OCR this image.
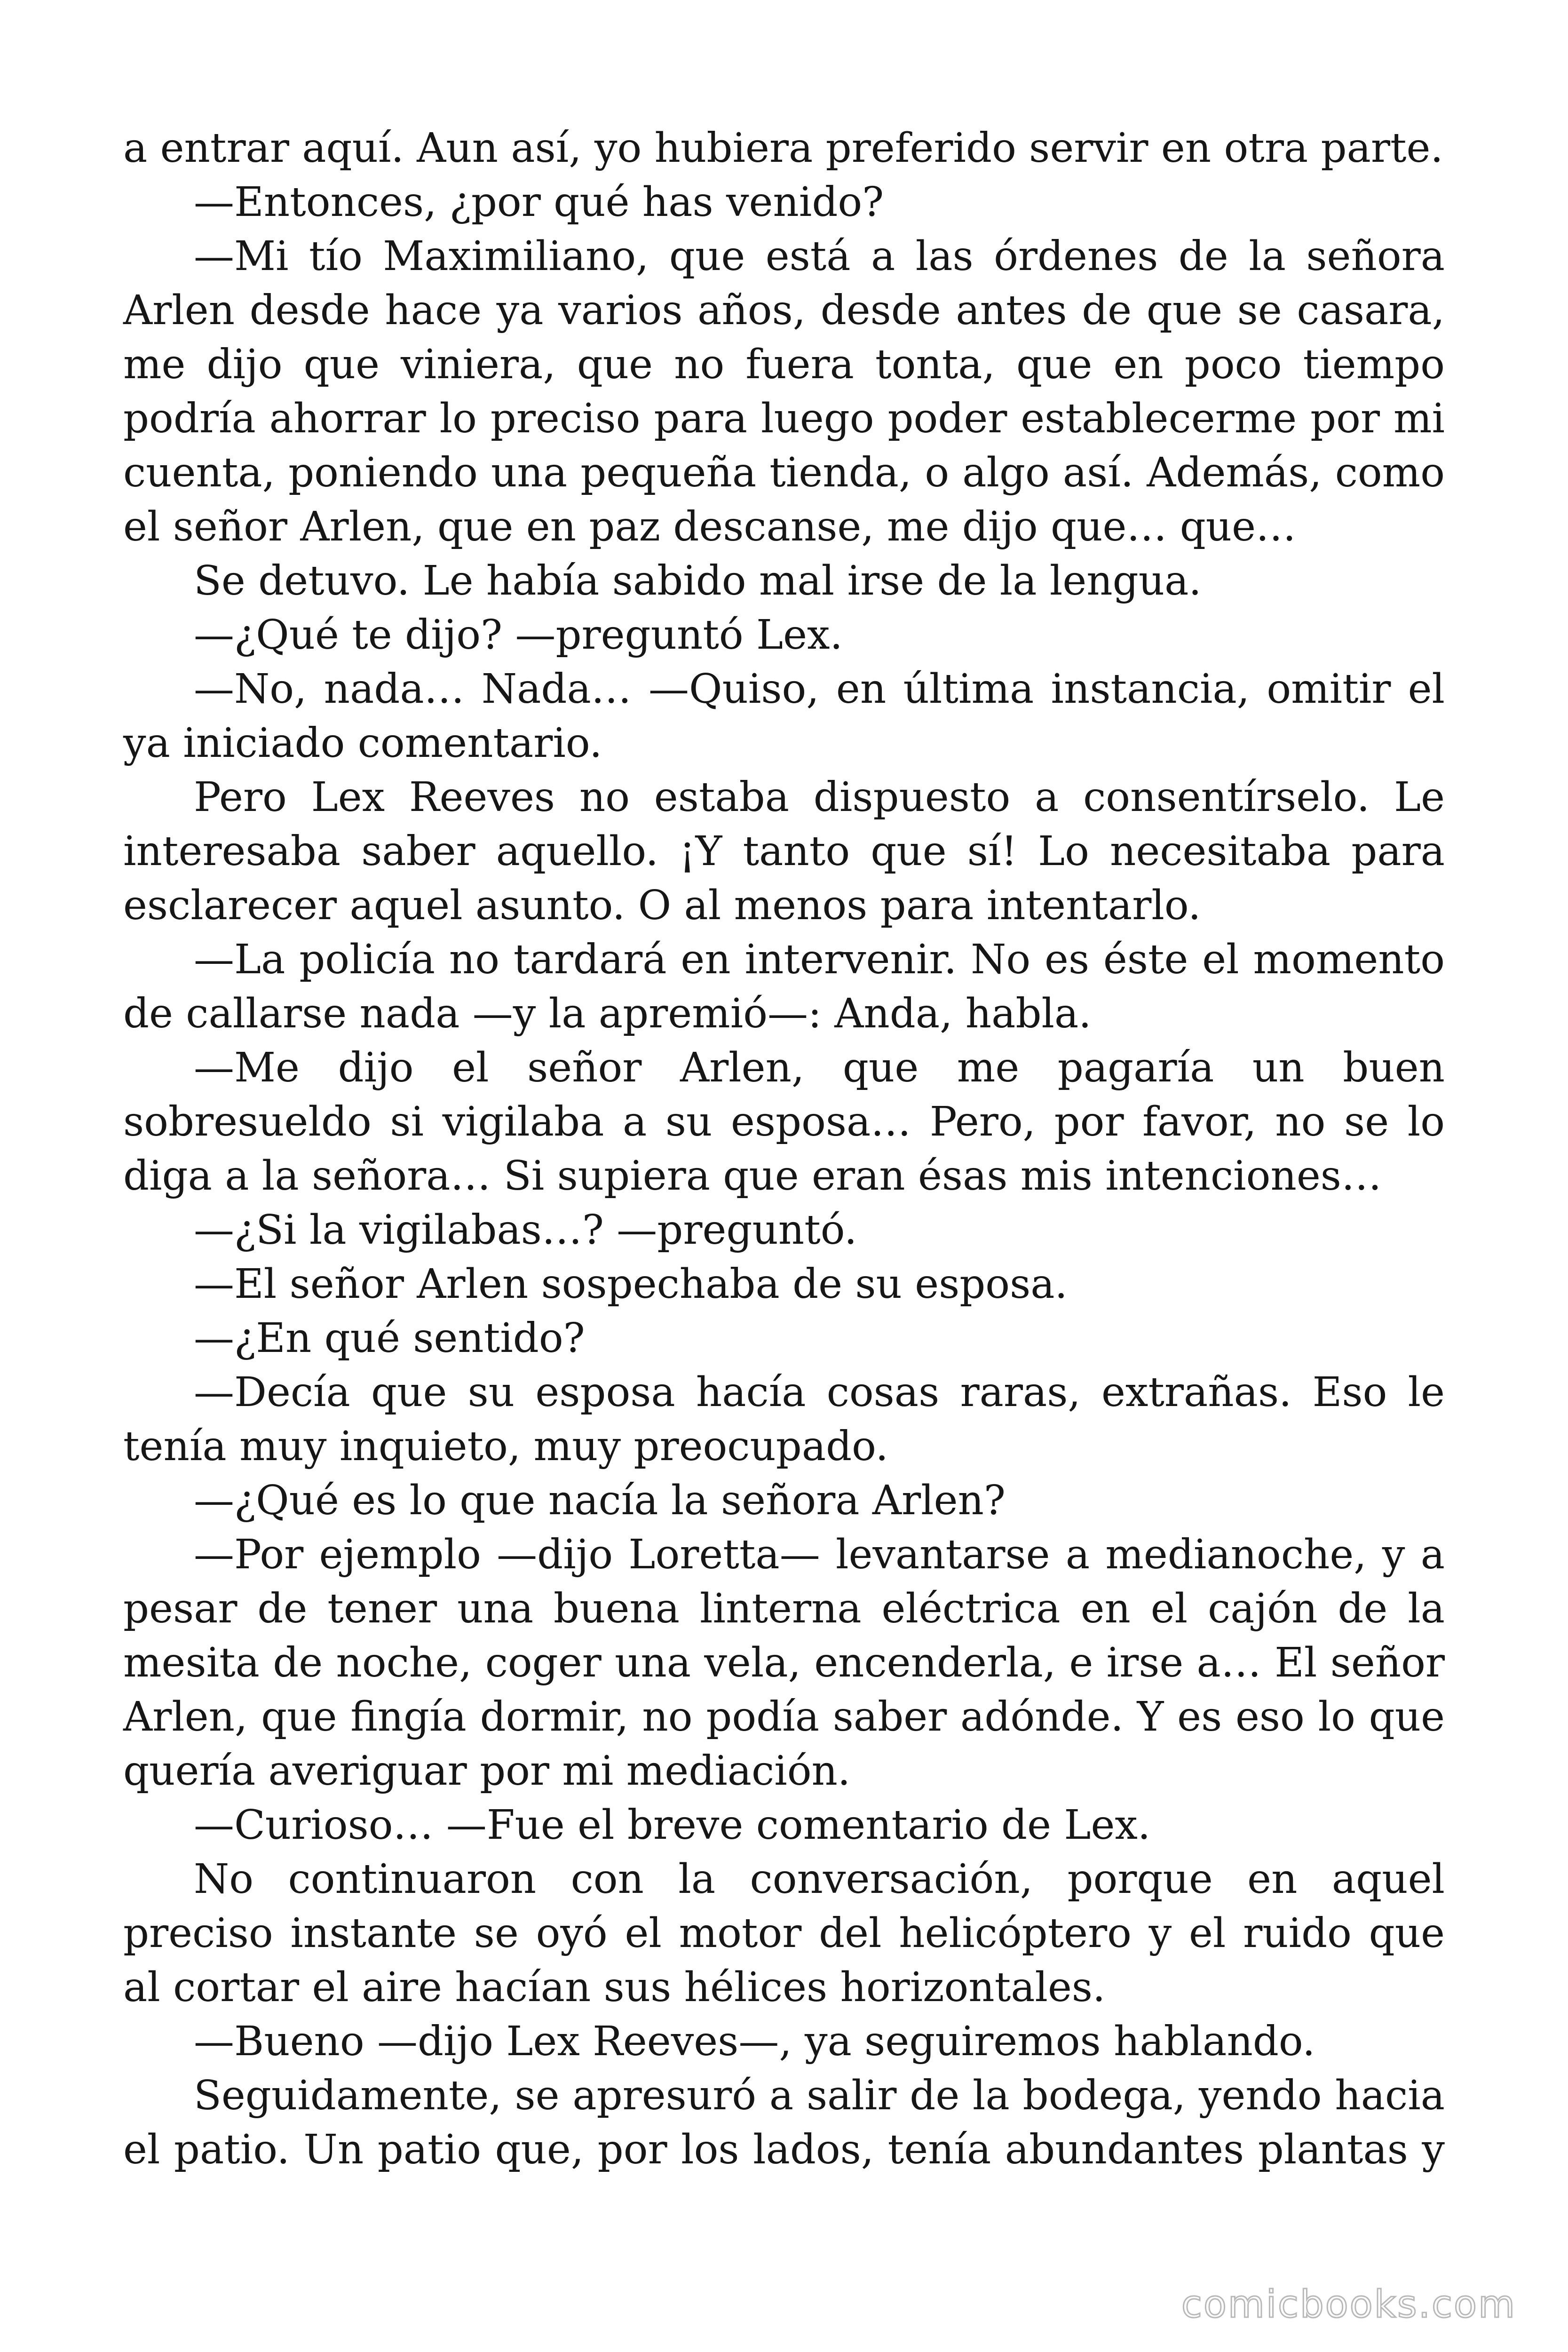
a entrar aquí. Aun así, yo hubiera preferido servir en otra parte.

—Entonces, ¿por qué has venido?

—Mi tío Maximiliano, que está a las órdenes de la señora Arlen desde hace ya varios años, desde antes de que se casara, me dijo que viniera, que no fuera tonta, que en poco tiempo podría ahorrar lo preciso para luego poder establecerme por mi cuenta, poniendo una pequeña tienda, o algo así. Además, como el señor Arlen, que en paz descanse, me dijo que… que…

Se detuvo. Le había sabido mal irse de la lengua.

—¿Qué te dijo? —preguntó Lex.

—No, nada… Nada… —Quiso, en última instancia, omitir el ya iniciado comentario.

Pero Lex Reeves no estaba dispuesto a consentírselo. Le interesaba saber aquello. ¡Y tanto que sí! Lo necesitaba para esclarecer aquel asunto. O al menos para intentarlo.

—La policía no tardará en intervenir. No es éste el momento de callarse nada —y la apremió—: Anda, habla.

—Me dijo el señor Arlen, que me pagaría un buen sobresueldo si vigilaba a su esposa… Pero, por favor, no se lo diga a la señora… Si supiera que eran ésas mis intenciones…

—¿Si la vigilabas…? —preguntó.

—El señor Arlen sospechaba de su esposa.

—¿En qué sentido?

—Decía que su esposa hacía cosas raras, extrañas. Eso le tenía muy inquieto, muy preocupado.

—¿Qué es lo que nacía la señora Arlen?

—Por ejemplo —dijo Loretta— levantarse a medianoche, y a pesar de tener una buena linterna eléctrica en el cajón de la mesita de noche, coger una vela, encenderla, e irse a… El señor Arlen, que fingía dormir, no podía saber adónde. Y es eso lo que quería averiguar por mi mediación.

—Curioso… —Fue el breve comentario de Lex.

No continuaron con la conversación, porque en aquel preciso instante se oyó el motor del helicóptero y el ruido que al cortar el aire hacían sus hélices horizontales.

—Bueno —dijo Lex Reeves—, ya seguiremos hablando.

Seguidamente, se apresuró a salir de la bodega, yendo hacia el patio. Un patio que, por los lados, tenía abundantes plantas y

comicbooks.com
